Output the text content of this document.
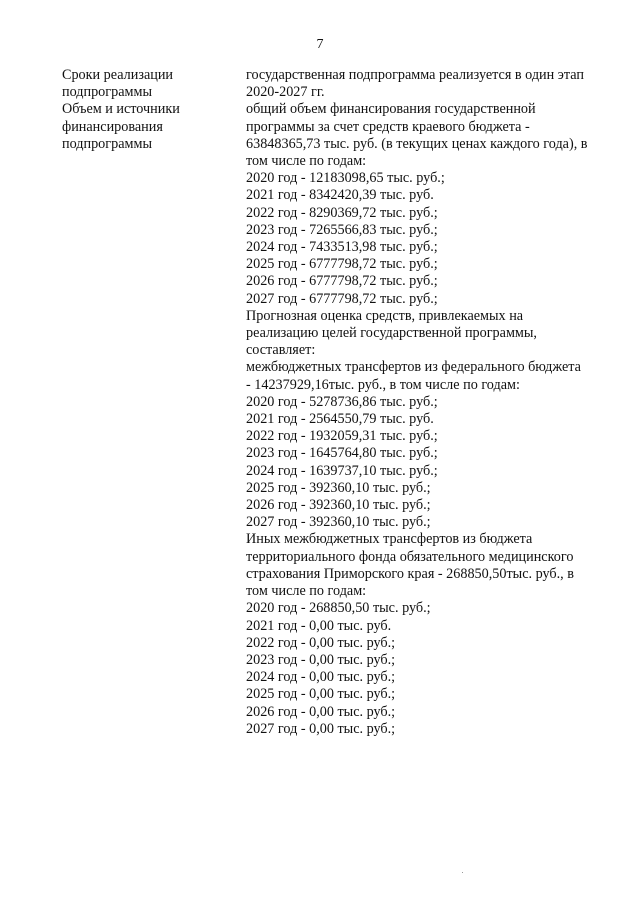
7
Сроки реализации
подпрограммы
государственная подпрограмма реализуется в один этап
2020-2027 гг.
Объем и источники
финансирования
подпрограммы
общий объем финансирования государственной
программы за счет средств краевого бюджета -
63848365,73 тыс. руб. (в текущих ценах каждого года), в
том числе по годам:
2020 год - 12183098,65 тыс. руб.;
2021 год - 8342420,39 тыс. руб.
2022 год - 8290369,72 тыс. руб.;
2023 год - 7265566,83 тыс. руб.;
2024 год - 7433513,98 тыс. руб.;
2025 год - 6777798,72 тыс. руб.;
2026 год - 6777798,72 тыс. руб.;
2027 год - 6777798,72 тыс. руб.;
Прогнозная оценка средств, привлекаемых на
реализацию целей государственной программы,
составляет:
межбюджетных трансфертов из федерального бюджета
- 14237929,16тыс. руб., в том числе по годам:
2020 год - 5278736,86 тыс. руб.;
2021 год - 2564550,79 тыс. руб.
2022 год - 1932059,31 тыс. руб.;
2023 год - 1645764,80 тыс. руб.;
2024 год - 1639737,10 тыс. руб.;
2025 год - 392360,10 тыс. руб.;
2026 год - 392360,10 тыс. руб.;
2027 год - 392360,10 тыс. руб.;
Иных межбюджетных трансфертов из бюджета
территориального фонда обязательного медицинского
страхования Приморского края - 268850,50тыс. руб., в
том числе по годам:
2020 год - 268850,50 тыс. руб.;
2021 год - 0,00 тыс. руб.
2022 год - 0,00 тыс. руб.;
2023 год - 0,00 тыс. руб.;
2024 год - 0,00 тыс. руб.;
2025 год - 0,00 тыс. руб.;
2026 год - 0,00 тыс. руб.;
2027 год - 0,00 тыс. руб.;
